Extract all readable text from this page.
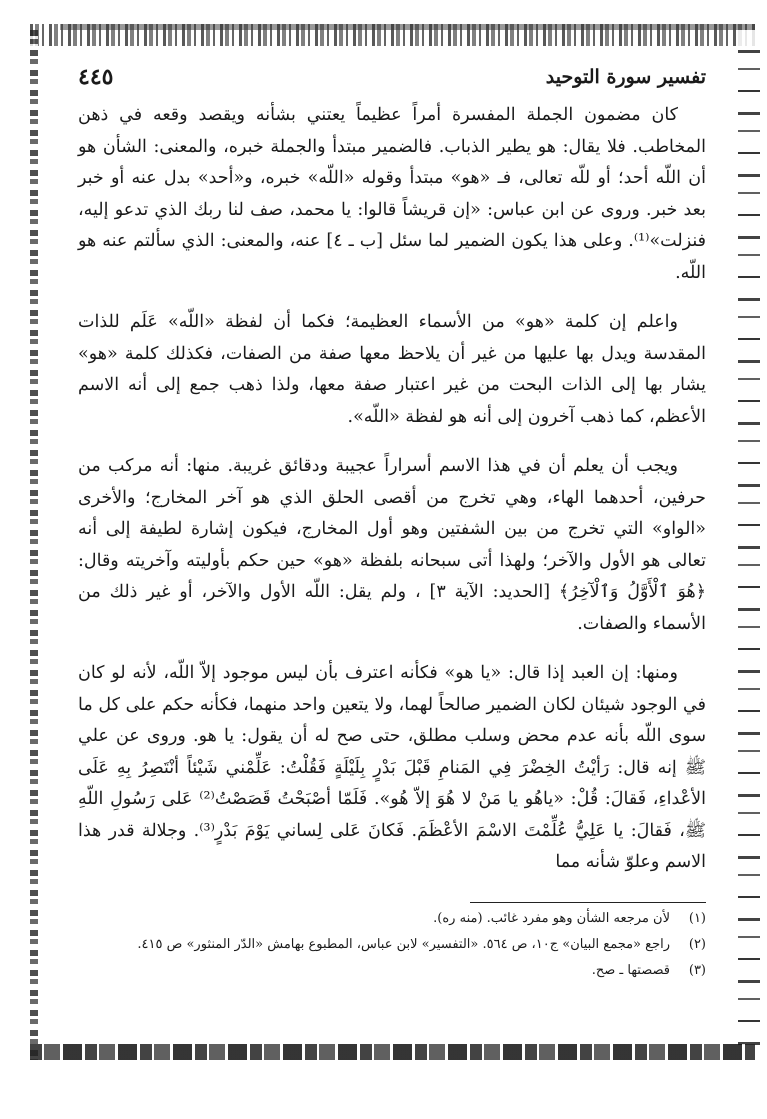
٤٤٥	تفسير سورة التوحيد

كان مضمون الجملة المفسرة أمراً عظيماً يعتني بشأنه ويقصد وقعه في ذهن المخاطب. فلا يقال: هو يطير الذباب. فالضمير مبتدأ والجملة خبره، والمعنى: الشأن هو أن اللّه أحد؛ أو للّه تعالى، فـ «هو» مبتدأ وقوله «اللّه» خبره، و«أحد» بدل عنه أو خبر بعد خبر. وروى عن ابن عباس: «إن قريشاً قالوا: يا محمد، صف لنا ربك الذي تدعو إليه، فنزلت»⁽¹⁾. وعلى هذا يكون الضمير لما سئل [ب ـ ٤] عنه، والمعنى: الذي سألتم عنه هو اللّه.

واعلم إن كلمة «هو» من الأسماء العظيمة؛ فكما أن لفظة «اللّه» عَلَم للذات المقدسة ويدل بها عليها من غير أن يلاحظ معها صفة من الصفات، فكذلك كلمة «هو» يشار بها إلى الذات البحت من غير اعتبار صفة معها، ولذا ذهب جمع إلى أنه الاسم الأعظم، كما ذهب آخرون إلى أنه هو لفظة «اللّه».

ويجب أن يعلم أن في هذا الاسم أسراراً عجيبة ودقائق غريبة. منها: أنه مركب من حرفين، أحدهما الهاء، وهي تخرج من أقصى الحلق الذي هو آخر المخارج؛ والأخرى «الواو» التي تخرج من بين الشفتين وهو أول المخارج، فيكون إشارة لطيفة إلى أنه تعالى هو الأول والآخر؛ ولهذا أتى سبحانه بلفظة «هو» حين حكم بأوليته وآخريته وقال: ﴿هُوَ ٱلْأَوَّلُ وَٱلْآخِرُ﴾ [الحديد: الآية ٣] ، ولم يقل: اللّه الأول والآخر، أو غير ذلك من الأسماء والصفات.

ومنها: إن العبد إذا قال: «يا هو» فكأنه اعترف بأن ليس موجود إلاّ اللّه، لأنه لو كان في الوجود شيئان لكان الضمير صالحاً لهما، ولا يتعين واحد منهما، فكأنه حكم على كل ما سوى اللّه بأنه عدم محض وسلب مطلق، حتى صح له أن يقول: يا هو. وروى عن علي ﷺ إنه قال: رَأيْتُ الخِضْرَ فِي المَنامِ قَبْلَ بَدْرٍ بِلَيْلَةٍ فَقُلْتُ: عَلِّمْني شَيْئاً أنْتَصِرُ بِهِ عَلَى الأعْداءِ، فَقالَ: قُلْ: «ياهُو يا مَنْ لا هُوَ إلاّ هُو». فَلَمّا أصْبَحْتُ قَصَصْتُ⁽²⁾ عَلى رَسُولِ اللّهِ ﷺ، فَقالَ: يا عَلِيُّ عُلِّمْتَ الاسْمَ الأعْظَمَ. فَكانَ عَلى لِساني يَوْمَ بَدْرٍ⁽³⁾. وجلالة قدر هذا الاسم وعلوّ شأنه مما

(١)
لأن مرجعه الشأن وهو مفرد غائب. (منه ره).
(٢)
راجع «مجمع البيان» ج١٠، ص ٥٦٤. «التفسير» لابن عباس، المطبوع بهامش «الدّر المنثور» ص ٤١٥.
(٣)
قصصتها ـ صح.
